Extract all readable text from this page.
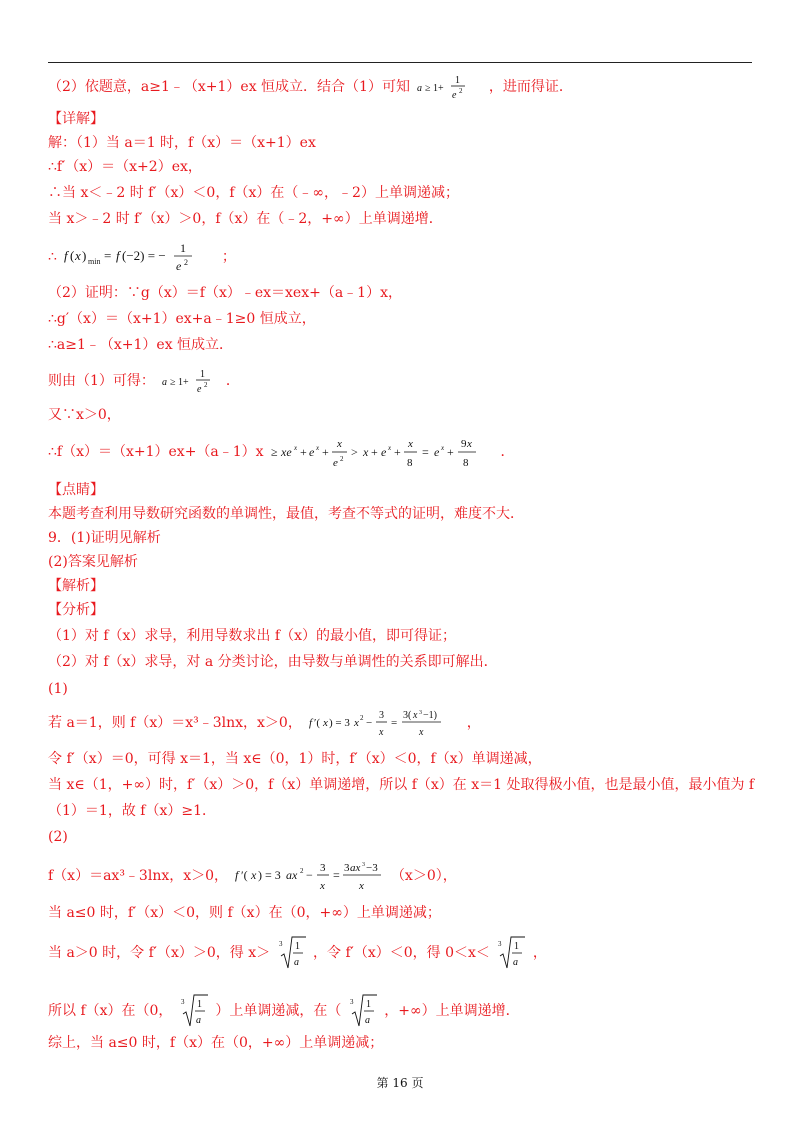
（2）依题意，a≥1﹣（x+1）ex 恒成立．结合（1）可知 a ≥ 1+
1
e 2 ，进而得证．
【详解】
解：（1）当 a＝1 时，f（x）＝（x+1）ex
∴f′（x）＝（x+2）ex，
∴当 x＜﹣2 时 f′（x）＜0，f（x）在（﹣∞，﹣2）上单调递减；
当 x＞﹣2 时 f′（x）＞0，f（x）在（﹣2，+∞）上单调递增．
∴ f ( x ) min = f (−2) = − 1
e 2 ；
（2）证明：∵g（x）＝f（x）﹣ex＝xex+（a﹣1）x，
∴g′（x）＝（x+1）ex+a﹣1≥0 恒成立，
∴a≥1﹣（x+1）ex 恒成立．
则由（1）可得： a ≥ 1+
1
e 2 ．
又∵x＞0，
∴f（x）＝（x+1）ex+（a﹣1）x ≥ xe x + e x +
x
e 2 > x + e x +
x
8
= e x +
9 x
8
．
【点睛】
本题考查利用导数研究函数的单调性，最值，考查不等式的证明，难度不大．
9．(1)证明见解析
(2)答案见解析
【解析】
【分析】
（1）对 f（x）求导，利用导数求出 f（x）的最小值，即可得证；
（2）对 f（x）求导，对 a 分类讨论，由导数与单调性的关系即可解出．
(1)
若 a＝1，则 f（x）＝x³﹣3lnx，x＞0， f ′( x ) = 3 x 2 −
3
x
=
3( x 3 −1)
x
，
令 f′（x）＝0，可得 x＝1，当 x∈（0，1）时，f′（x）＜0，f（x）单调递减，
当 x∈（1，+∞）时，f′（x）＞0，f（x）单调递增，所以 f（x）在 x＝1 处取得极小值，也是最小值，最小值为 f
（1）＝1，故 f（x）≥1．
(2)
f（x）＝ax³﹣3lnx，x＞0， f ′( x ) = 3 ax 2 − 3
x
= 3 ax 3 −3
x
（x＞0），
当 a≤0 时，f′（x）＜0，则 f（x）在（0，+∞）上单调递减；
当 a＞0 时，令 f′（x）＞0，得 x＞
3 1
a
，令 f′（x）＜0，得 0＜x＜
3 1
a
，
所以 f（x）在（0，
3 1
a
）上单调递减，在（
3 1
a
，+∞）上单调递增．
综上，当 a≤0 时，f（x）在（0，+∞）上单调递减；
第 16 页
